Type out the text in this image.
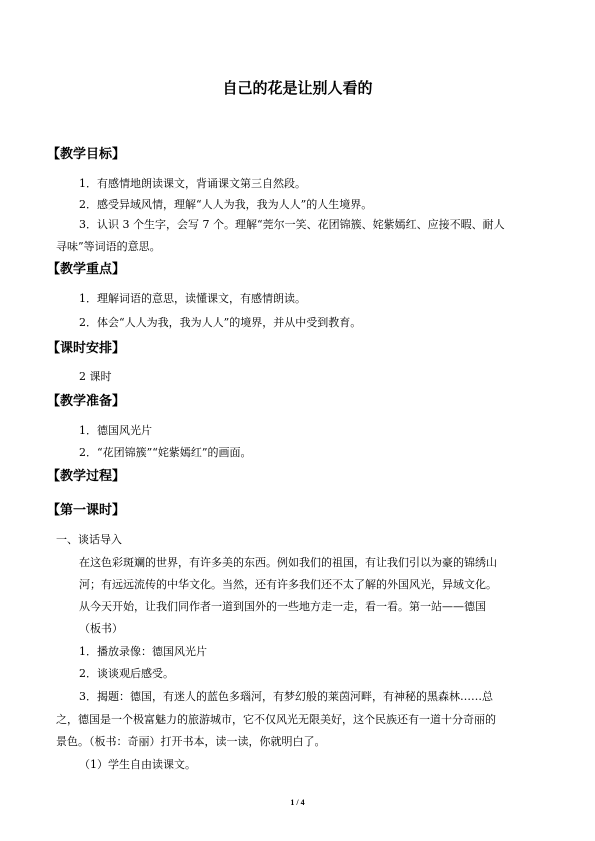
自己的花是让别人看的
【教学目标】
1．有感情地朗读课文，背诵课文第三自然段。
2．感受异域风情，理解“人人为我，我为人人”的人生境界。
3．认识 3 个生字，会写 7 个。理解“莞尔一笑、花团锦簇、姹紫嫣红、应接不暇、耐人
寻味”等词语的意思。
【教学重点】
1．理解词语的意思，读懂课文，有感情朗读。
2．体会“人人为我，我为人人”的境界，并从中受到教育。
【课时安排】
2 课时
【教学准备】
1．德国风光片
2．“花团锦簇”“姹紫嫣红”的画面。
【教学过程】
【第一课时】
一、谈话导入
在这色彩斑斓的世界，有许多美的东西。例如我们的祖国，有让我们引以为豪的锦绣山
河；有远远流传的中华文化。当然，还有许多我们还不太了解的外国风光，异域文化。
从今天开始，让我们同作者一道到国外的一些地方走一走，看一看。第一站——德国
（板书）
1．播放录像：德国风光片
2．谈谈观后感受。
3．揭题：德国，有迷人的蓝色多瑙河，有梦幻般的莱茵河畔，有神秘的黑森林……总
之，德国是一个极富魅力的旅游城市，它不仅风光无限美好，这个民族还有一道十分奇丽的
景色。（板书：奇丽）打开书本，读一读，你就明白了。
（1）学生自由读课文。
1 / 4
